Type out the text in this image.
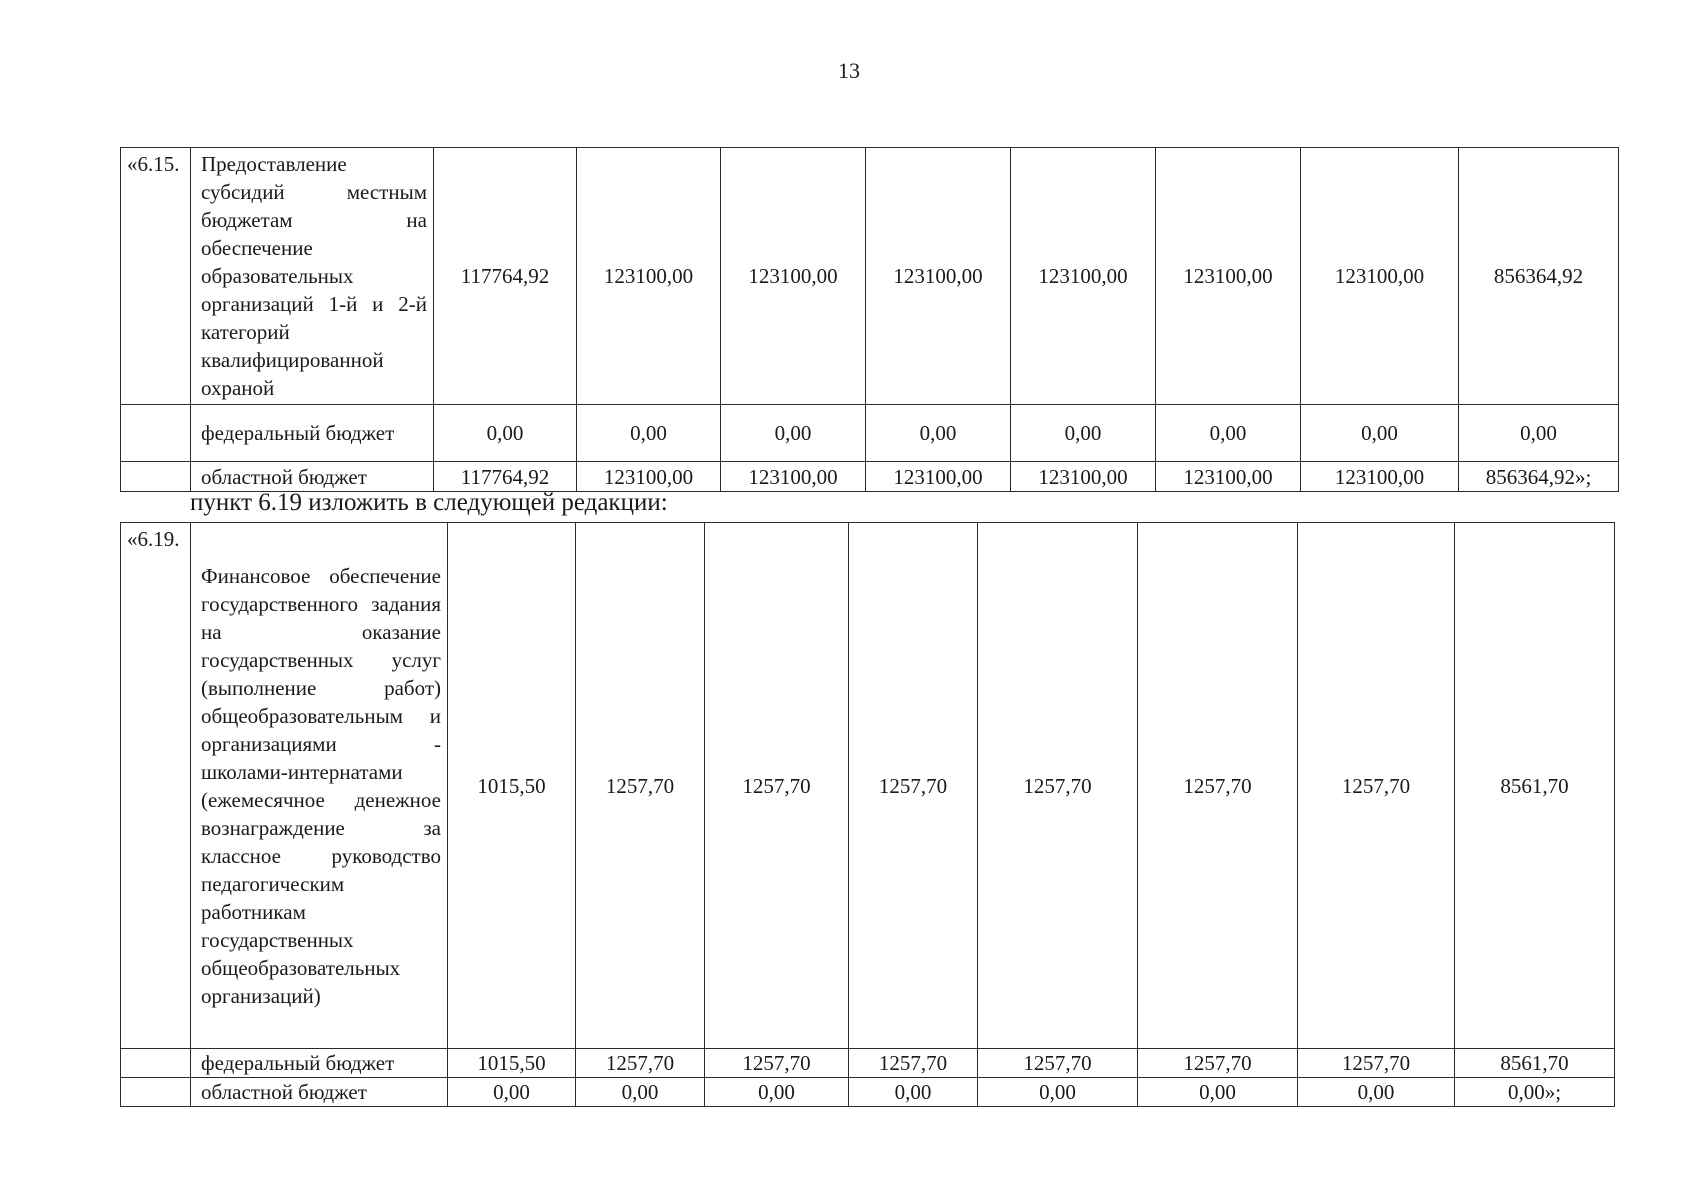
13
«6.15.	Предоставление субсидий местным бюджетам на обеспечение образовательных организаций 1-й и 2-й категорий квалифицированной охраной	117764,92	123100,00	123100,00	123100,00	123100,00	123100,00	123100,00	856364,92
	федеральный бюджет	0,00	0,00	0,00	0,00	0,00	0,00	0,00	0,00
	областной бюджет	117764,92	123100,00	123100,00	123100,00	123100,00	123100,00	123100,00	856364,92»;
пункт 6.19 изложить в следующей редакции:
«6.19.	Финансовое обеспечение государственного задания на оказание государственных услуг (выполнение работ) общеобразовательным и организациями - школами-интернатами (ежемесячное денежное вознаграждение за классное руководство педагогическим работникам государственных общеобразовательных организаций)	1015,50	1257,70	1257,70	1257,70	1257,70	1257,70	1257,70	8561,70
	федеральный бюджет	1015,50	1257,70	1257,70	1257,70	1257,70	1257,70	1257,70	8561,70
	областной бюджет	0,00	0,00	0,00	0,00	0,00	0,00	0,00	0,00»;
